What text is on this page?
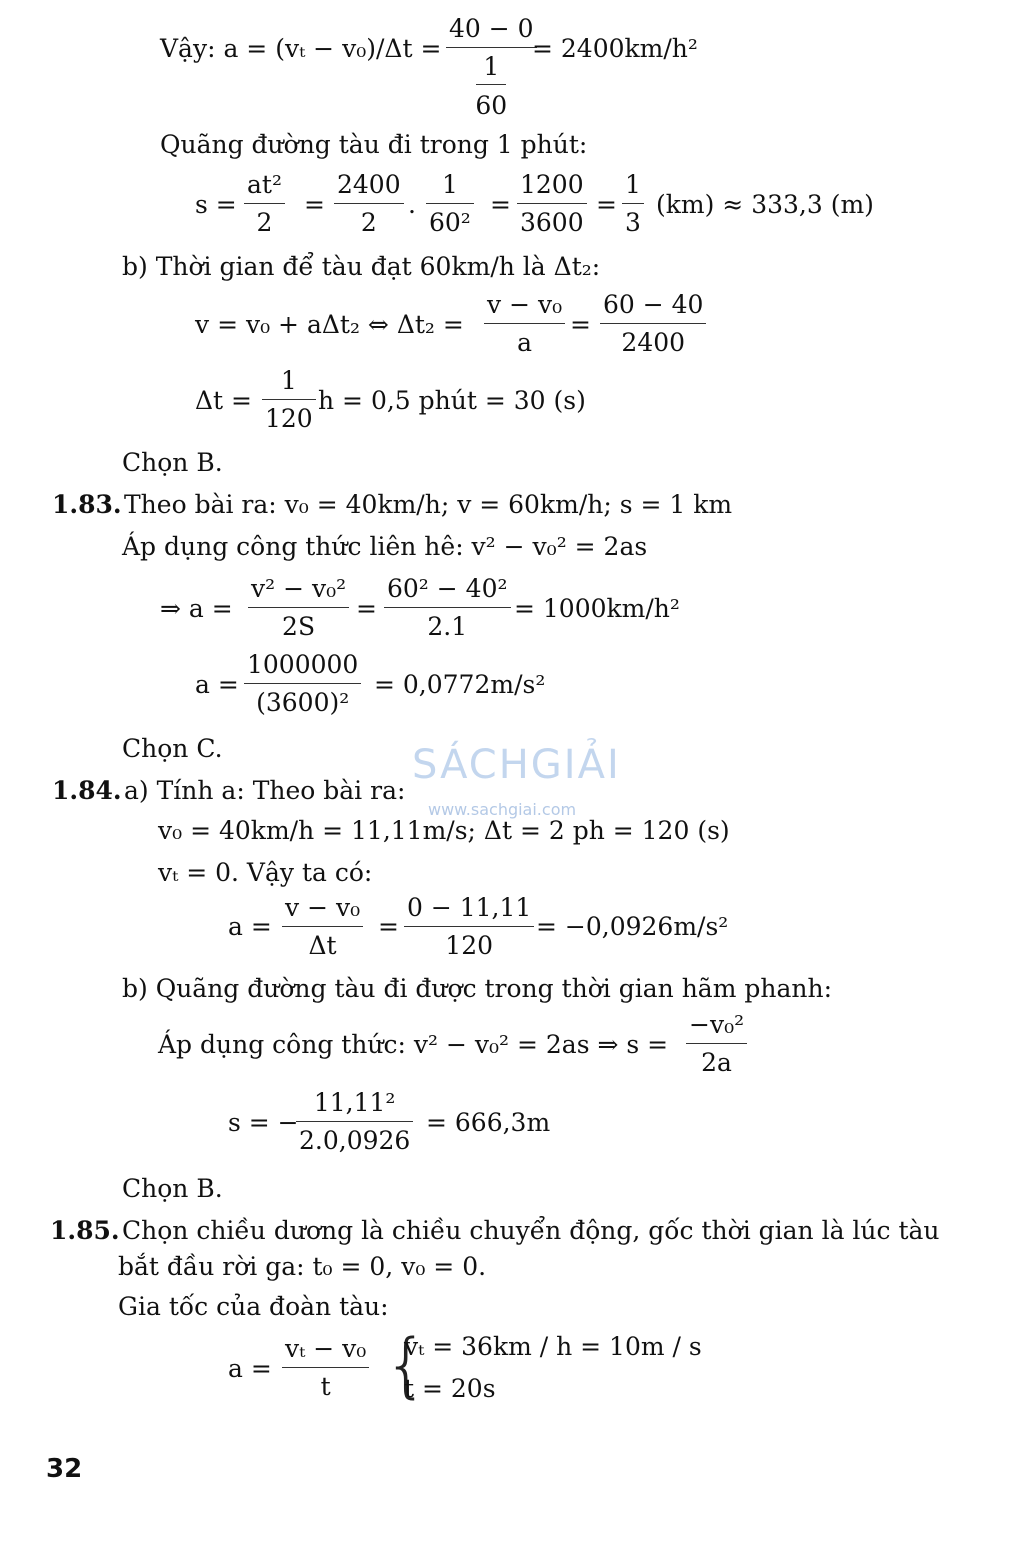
Vậy: a = (vₜ − v₀)/Δt =
40 − 0
1
60
= 2400km/h²
Quãng đường tàu đi trong 1 phút:
s =
at²
2
=
2400
2
.
1
60²
=
1200
3600
=
1
3
(km) ≈ 333,3 (m)
b) Thời gian để tàu đạt 60km/h là Δt₂:
v = v₀ + aΔt₂ ⇔ Δt₂ =
v − v₀
a
=
60 − 40
2400
Δt =
1
120
h = 0,5 phút = 30 (s)
Chọn B.
1.83. Theo bài ra: v₀ = 40km/h; v = 60km/h; s = 1 km
Áp dụng công thức liên hê: v² − v₀² = 2as
⇒ a =
v² − v₀²
2S
=
60² − 40²
2.1
= 1000km/h²
a =
1000000
(3600)²
= 0,0772m/s²
Chọn C.	SÁCHGIẢI
www.sachgiai.com
1.84. a) Tính a: Theo bài ra:
v₀ = 40km/h = 11,11m/s; Δt = 2 ph = 120 (s)
vₜ = 0. Vậy ta có:
a =
v − v₀
Δt
=
0 − 11,11
120
= −0,0926m/s²
b) Quãng đường tàu đi được trong thời gian hãm phanh:
Áp dụng công thức: v² − v₀² = 2as ⇒ s =
−v₀²
2a
s = −
11,11²
2.0,0926
= 666,3m
Chọn B.
1.85. Chọn chiều dương là chiều chuyển động, gốc thời gian là lúc tàu
bắt đầu rời ga: t₀ = 0, v₀ = 0.
Gia tốc của đoàn tàu:
a =
vₜ − v₀
t {
vₜ = 36km / h = 10m / s
t = 20s
32
